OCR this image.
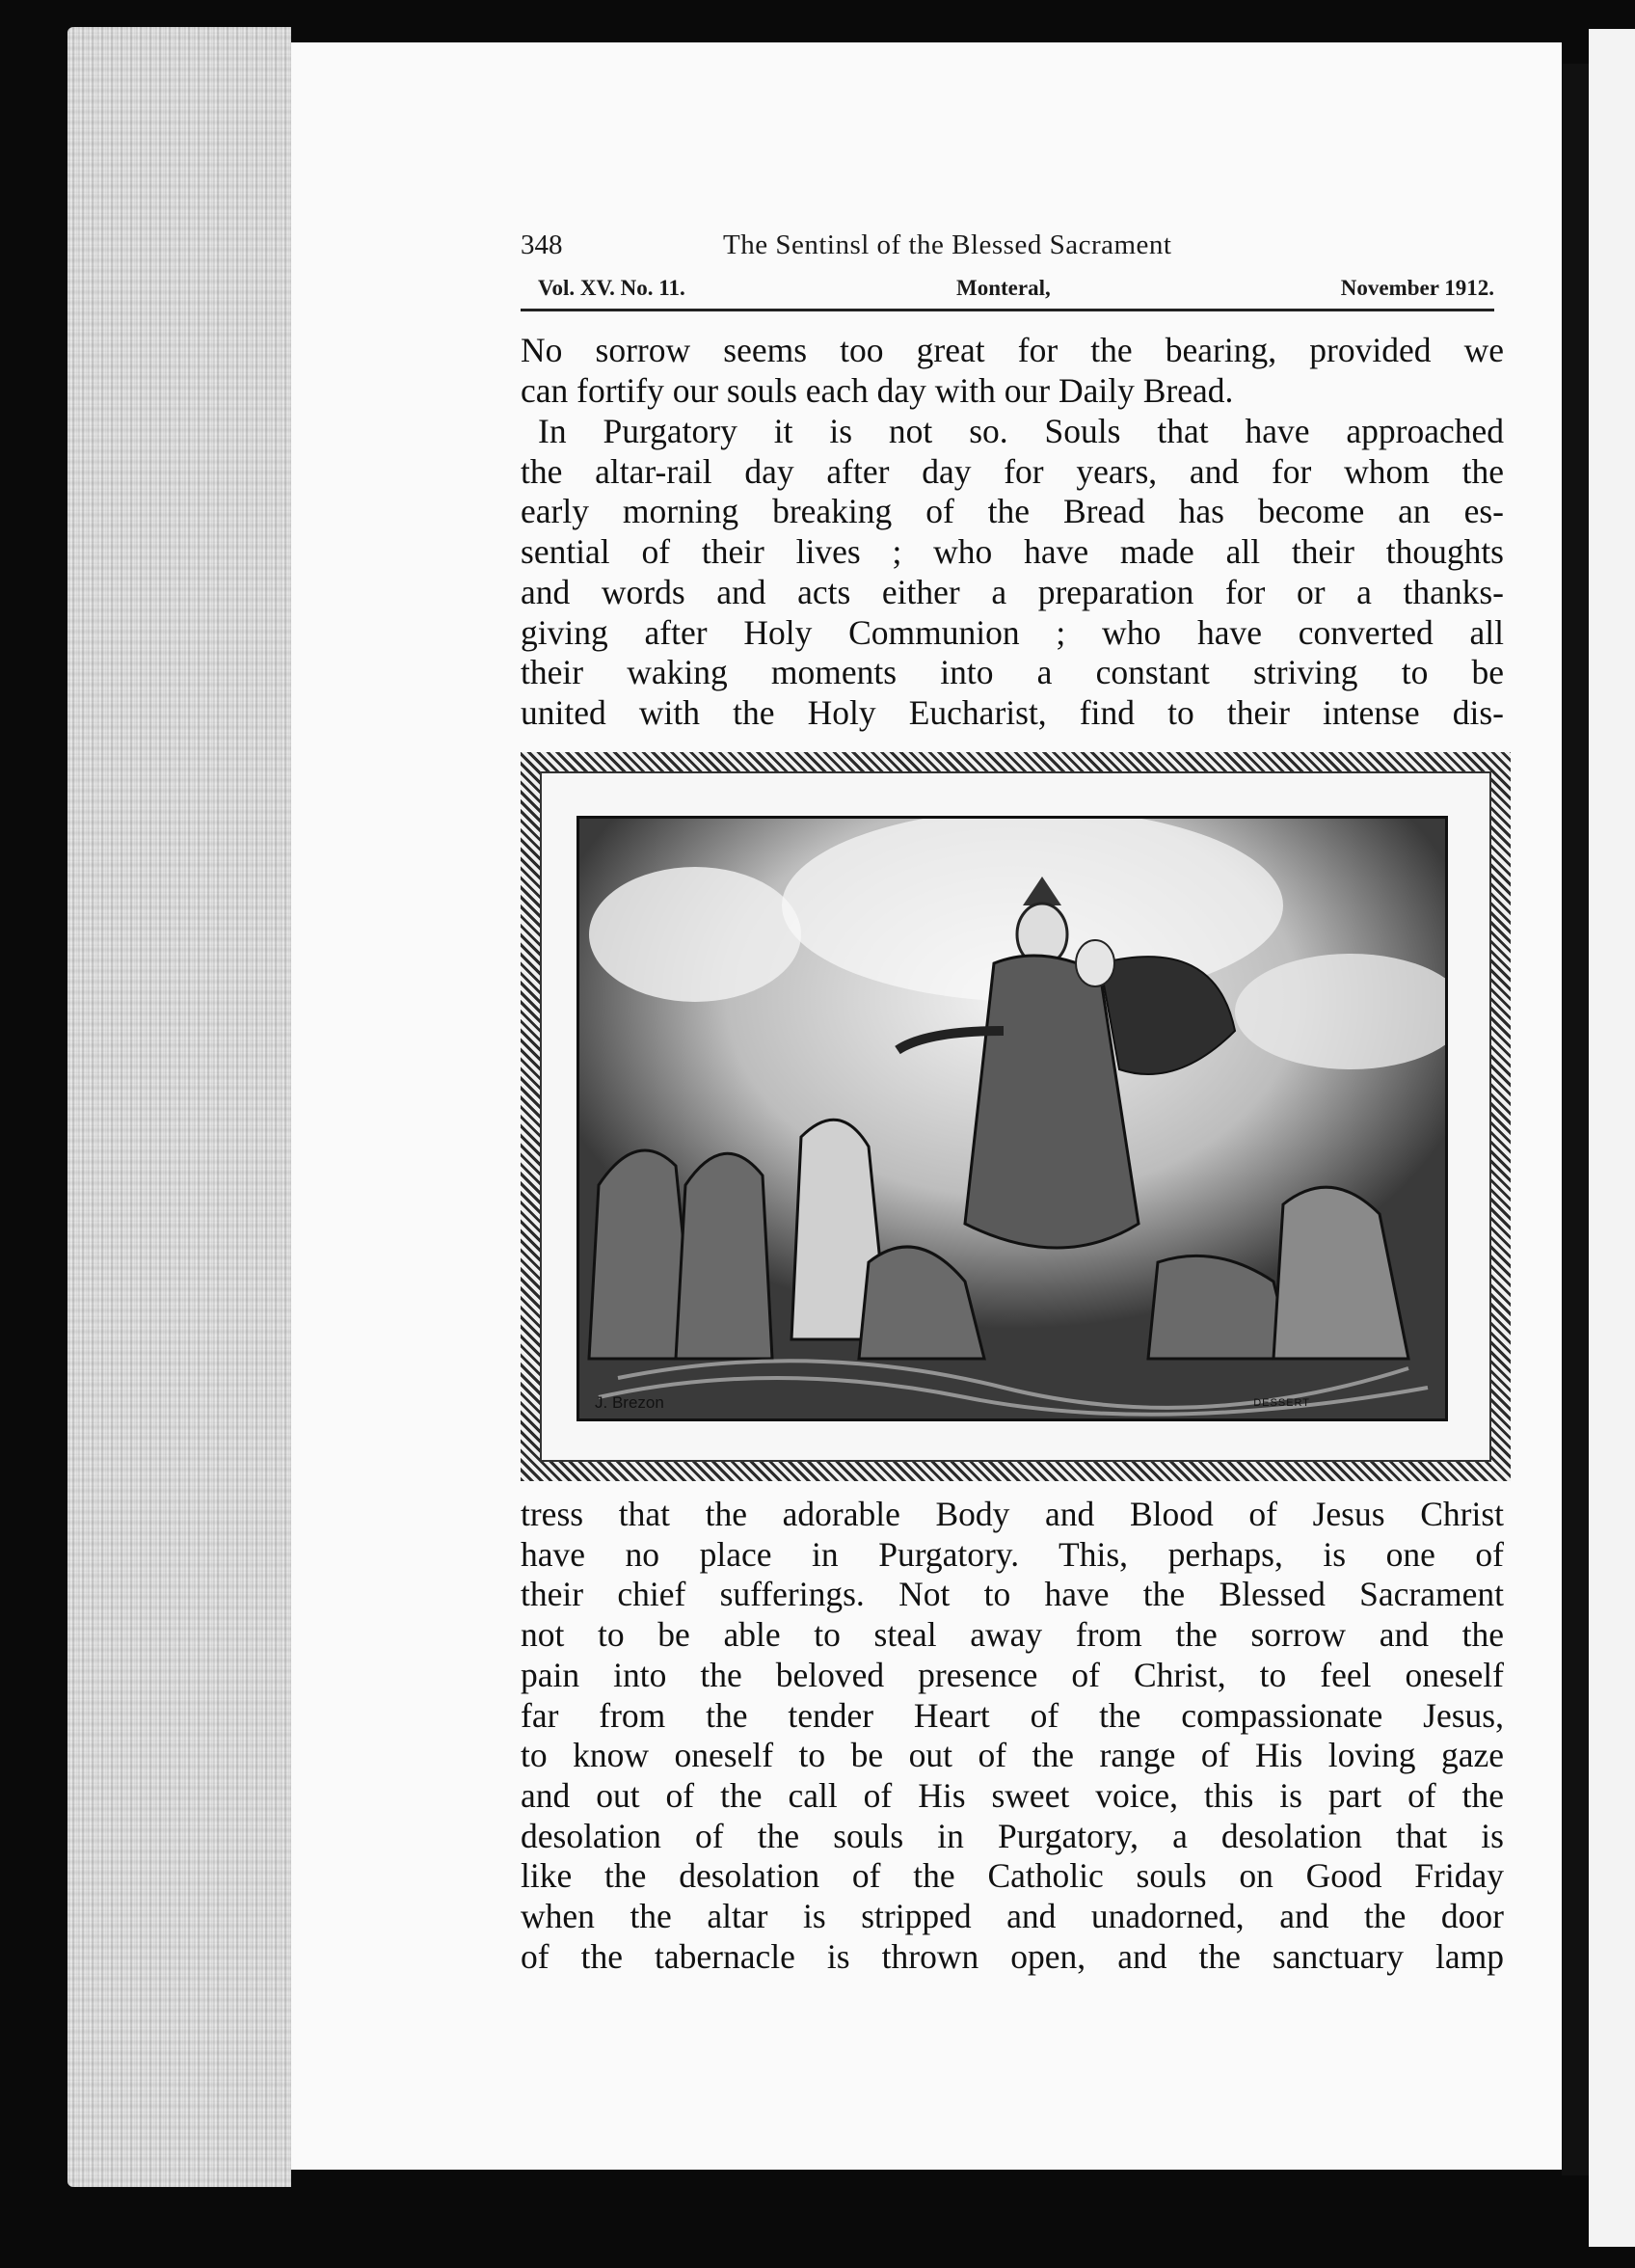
348	The Sentinsl of the Blessed Sacrament
Vol. XV. No. 11.	Monteral,	November 1912.
No sorrow seems too great for the bearing, provided we
can fortify our souls each day with our Daily Bread.
In Purgatory it is not so. Souls that have approached
the altar-rail day after day for years, and for whom the
early morning breaking of the Bread has become an es-
sential of their lives ; who have made all their thoughts
and words and acts either a preparation for or a thanks-
giving after Holy Communion ; who have converted all
their waking moments into a constant striving to be
united with the Holy Eucharist, find to their intense dis-
J. Brezon	DESSERT
tress that the adorable Body and Blood of Jesus Christ
have no place in Purgatory. This, perhaps, is one of
their chief sufferings. Not to have the Blessed Sacrament
not to be able to steal away from the sorrow and the
pain into the beloved presence of Christ, to feel oneself
far from the tender Heart of the compassionate Jesus,
to know oneself to be out of the range of His loving gaze
and out of the call of His sweet voice, this is part of the
desolation of the souls in Purgatory, a desolation that is
like the desolation of the Catholic souls on Good Friday
when the altar is stripped and unadorned, and the door
of the tabernacle is thrown open, and the sanctuary lamp
